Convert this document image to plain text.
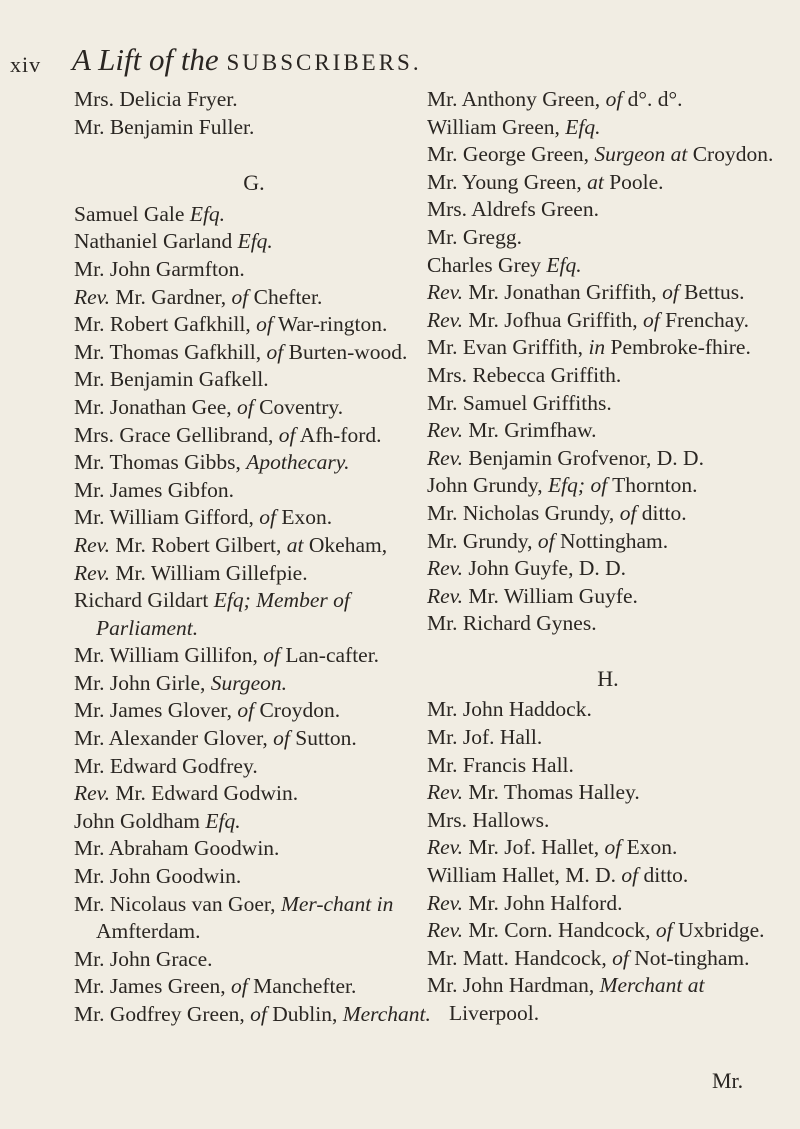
xiv A Lift of the SUBSCRIBERS.
Mrs. Delicia Fryer.
Mr. Benjamin Fuller.
G.
Samuel Gale Efq.
Nathaniel Garland Efq.
Mr. John Garmfton.
Rev. Mr. Gardner, of Chefter.
Mr. Robert Gafkhill, of War-rington.
Mr. Thomas Gafkhill, of Burten-wood.
Mr. Benjamin Gafkell.
Mr. Jonathan Gee, of Coventry.
Mrs. Grace Gellibrand, of Afh-ford.
Mr. Thomas Gibbs, Apothecary.
Mr. James Gibfon.
Mr. William Gifford, of Exon.
Rev. Mr. Robert Gilbert, at Okeham,
Rev. Mr. William Gillefpie.
Richard Gildart Efq; Member of Parliament.
Mr. William Gillifon, of Lan-cafter.
Mr. John Girle, Surgeon.
Mr. James Glover, of Croydon.
Mr. Alexander Glover, of Sutton.
Mr. Edward Godfrey.
Rev. Mr. Edward Godwin.
John Goldham Efq.
Mr. Abraham Goodwin.
Mr. John Goodwin.
Mr. Nicolaus van Goer, Mer-chant in Amfterdam.
Mr. John Grace.
Mr. James Green, of Manchefter.
Mr. Godfrey Green, of Dublin, Merchant.
Mr. Anthony Green, of d°. d°.
William Green, Efq.
Mr. George Green, Surgeon at Croydon.
Mr. Young Green, at Poole.
Mrs. Aldrefs Green.
Mr. Gregg.
Charles Grey Efq.
Rev. Mr. Jonathan Griffith, of Bettus.
Rev. Mr. Jofhua Griffith, of Frenchay.
Mr. Evan Griffith, in Pembroke-fhire.
Mrs. Rebecca Griffith.
Mr. Samuel Griffiths.
Rev. Mr. Grimfhaw.
Rev. Benjamin Grofvenor, D. D.
John Grundy, Efq; of Thornton.
Mr. Nicholas Grundy, of ditto.
Mr. Grundy, of Nottingham.
Rev. John Guyfe, D. D.
Rev. Mr. William Guyfe.
Mr. Richard Gynes.
H.
Mr. John Haddock.
Mr. Jof. Hall.
Mr. Francis Hall.
Rev. Mr. Thomas Halley.
Mrs. Hallows.
Rev. Mr. Jof. Hallet, of Exon.
William Hallet, M. D. of ditto.
Rev. Mr. John Halford.
Rev. Mr. Corn. Handcock, of Uxbridge.
Mr. Matt. Handcock, of Not-tingham.
Mr. John Hardman, Merchant at Liverpool.
Mr.
